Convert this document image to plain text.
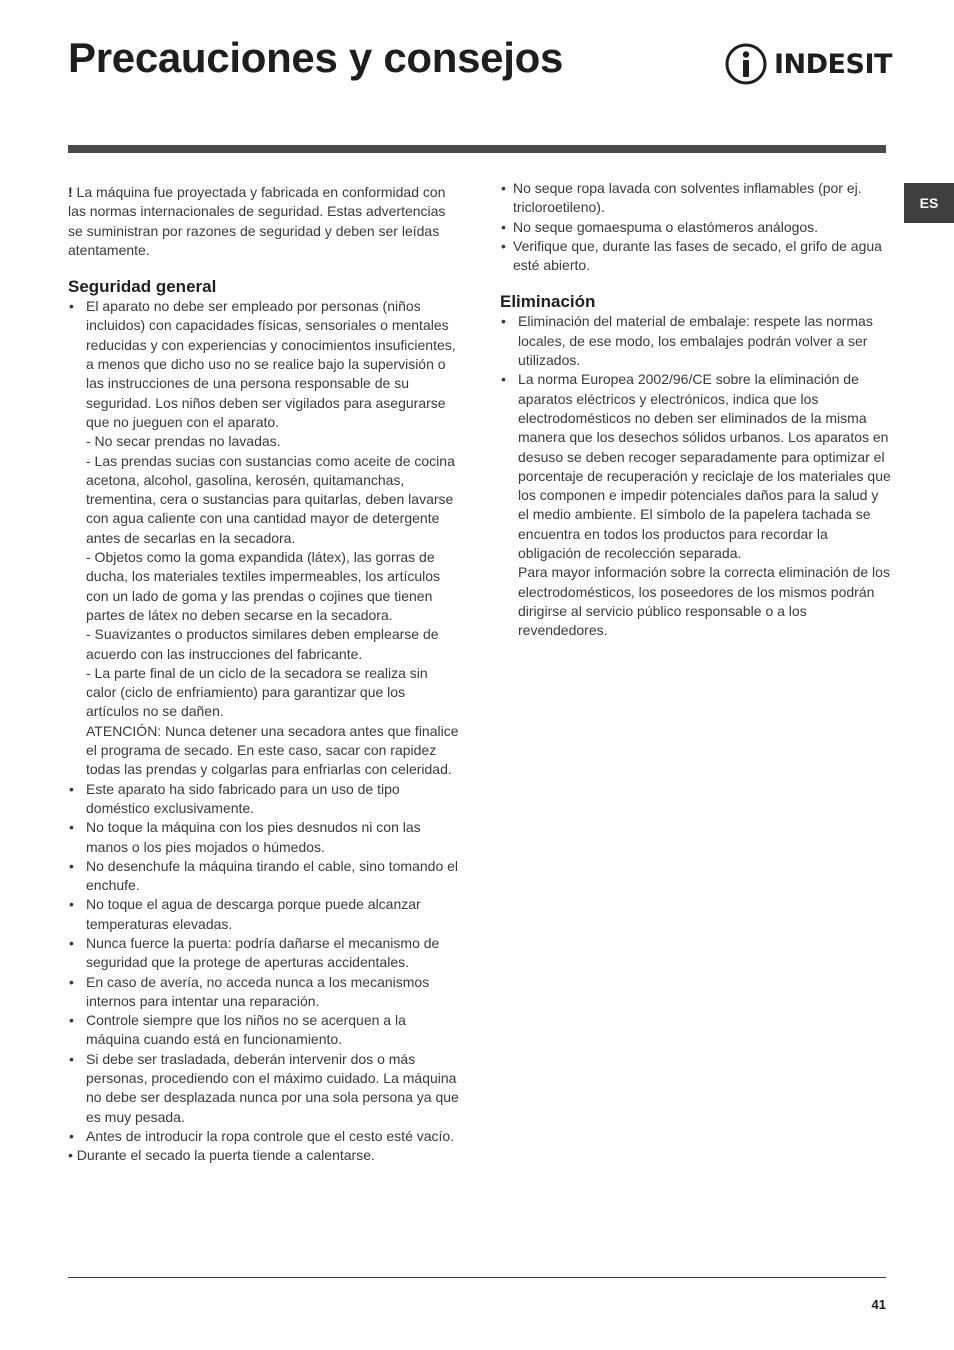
Precauciones y consejos	INDESIT
ES

! La máquina fue proyectada y fabricada en conformidad con las normas internacionales de seguridad. Estas advertencias se suministran por razones de seguridad y deben ser leídas atentamente.

Seguridad general
• El aparato no debe ser empleado por personas (niños incluidos) con capacidades físicas, sensoriales o mentales reducidas y con experiencias y conocimientos insuficientes, a menos que dicho uso no se realice bajo la supervisión o las instrucciones de una persona responsable de su seguridad. Los niños deben ser vigilados para asegurarse que no jueguen con el aparato.
- No secar prendas no lavadas.
- Las prendas sucias con sustancias como aceite de cocina acetona, alcohol, gasolina, kerosén, quitamanchas, trementina, cera o sustancias para quitarlas, deben lavarse con agua caliente con una cantidad mayor de detergente antes de secarlas en la secadora.
- Objetos como la goma expandida (látex), las gorras de ducha, los materiales textiles impermeables, los artículos con un lado de goma y las prendas o cojines que tienen partes de látex no deben secarse en la secadora.
- Suavizantes o productos similares deben emplearse de acuerdo con las instrucciones del fabricante.
- La parte final de un ciclo de la secadora se realiza sin calor (ciclo de enfriamiento) para garantizar que los artículos no se dañen.
ATENCIÓN: Nunca detener una secadora antes que finalice el programa de secado. En este caso, sacar con rapidez todas las prendas y colgarlas para enfriarlas con celeridad.
• Este aparato ha sido fabricado para un uso de tipo doméstico exclusivamente.
• No toque la máquina con los pies desnudos ni con las manos o los pies mojados o húmedos.
• No desenchufe la máquina tirando el cable, sino tomando el enchufe.
• No toque el agua de descarga porque puede alcanzar temperaturas elevadas.
• Nunca fuerce la puerta: podría dañarse el mecanismo de seguridad que la protege de aperturas accidentales.
• En caso de avería, no acceda nunca a los mecanismos internos para intentar una reparación.
• Controle siempre que los niños no se acerquen a la máquina cuando está en funcionamiento.
• Si debe ser trasladada, deberán intervenir dos o más personas, procediendo con el máximo cuidado. La máquina no debe ser desplazada nunca por una sola persona ya que es muy pesada.
• Antes de introducir la ropa controle que el cesto esté vacío.

• Durante el secado la puerta tiende a calentarse.

• No seque ropa lavada con solventes inflamables (por ej. tricloroetileno).
• No seque gomaespuma o elastómeros análogos.
• Verifique que, durante las fases de secado, el grifo de agua esté abierto.
Eliminación
• Eliminación del material de embalaje: respete las normas locales, de ese modo, los embalajes podrán volver a ser utilizados.
• La norma Europea 2002/96/CE sobre la eliminación de aparatos eléctricos y electrónicos, indica que los electrodomésticos no deben ser eliminados de la misma manera que los desechos sólidos urbanos. Los aparatos en desuso se deben recoger separadamente para optimizar el porcentaje de recuperación y reciclaje de los materiales que los componen e impedir potenciales daños para la salud y el medio ambiente. El símbolo de la papelera tachada se encuentra en todos los productos para recordar la obligación de recolección separada.
Para mayor información sobre la correcta eliminación de los electrodomésticos, los poseedores de los mismos podrán dirigirse al servicio público responsable o a los revendedores.
41
